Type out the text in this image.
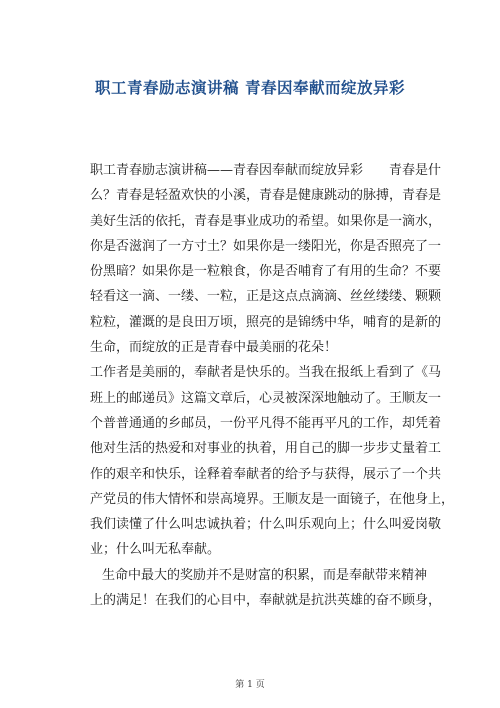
职工青春励志演讲稿 青春因奉献而绽放异彩
职工青春励志演讲稿——青春因奉献而绽放异彩　　青春是什
么？青春是轻盈欢快的小溪，青春是健康跳动的脉搏，青春是
美好生活的依托，青春是事业成功的希望。如果你是一滴水，
你是否滋润了一方寸土？如果你是一缕阳光，你是否照亮了一
份黑暗？如果你是一粒粮食，你是否哺育了有用的生命？不要
轻看这一滴、一缕、一粒，正是这点点滴滴、丝丝缕缕、颗颗
粒粒，灌溉的是良田万顷，照亮的是锦绣中华，哺育的是新的
生命，而绽放的正是青春中最美丽的花朵！
工作者是美丽的，奉献者是快乐的。当我在报纸上看到了《马
班上的邮递员》这篇文章后，心灵被深深地触动了。王顺友一
个普普通通的乡邮员，一份平凡得不能再平凡的工作，却凭着
他对生活的热爱和对事业的执着，用自己的脚一步步丈量着工
作的艰辛和快乐，诠释着奉献者的给予与获得，展示了一个共
产党员的伟大情怀和崇高境界。王顺友是一面镜子，在他身上，
我们读懂了什么叫忠诚执着；什么叫乐观向上；什么叫爱岗敬
业；什么叫无私奉献。
生命中最大的奖励并不是财富的积累，而是奉献带来精神
上的满足！在我们的心目中，奉献就是抗洪英雄的奋不顾身，
第 1 页
